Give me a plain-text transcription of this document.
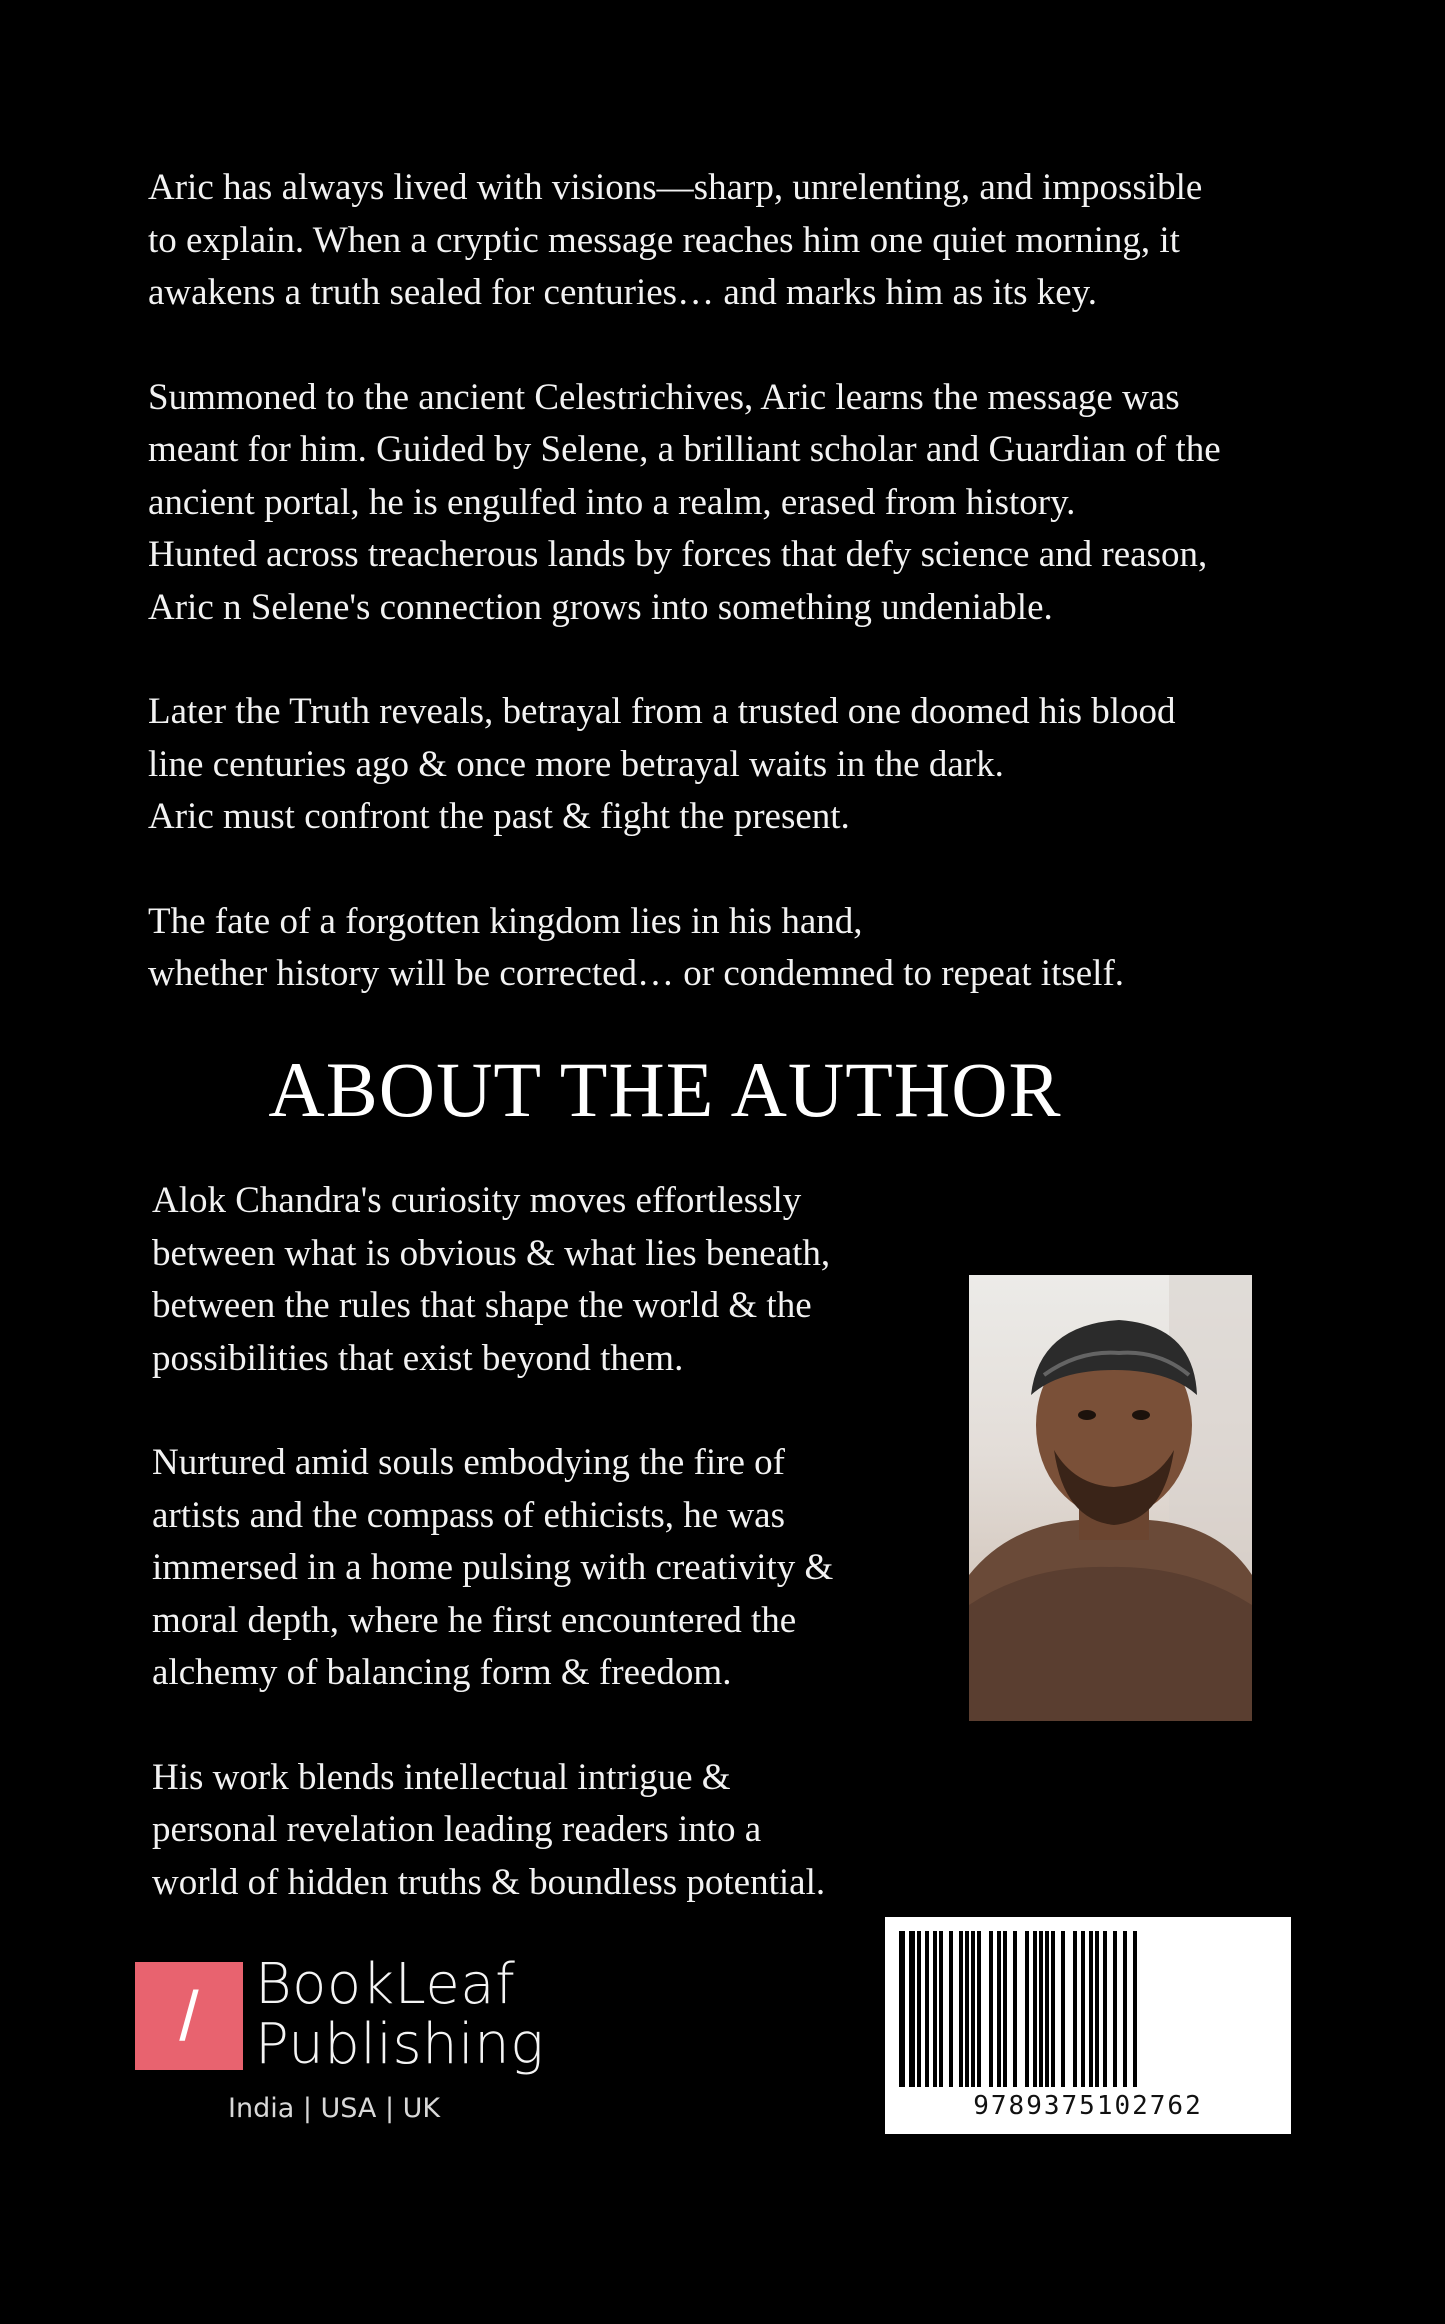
Aric has always lived with visions—sharp, unrelenting, and impossible
to explain. When a cryptic message reaches him one quiet morning, it
awakens a truth sealed for centuries… and marks him as its key.

Summoned to the ancient Celestrichives, Aric learns the message was
meant for him. Guided by Selene, a brilliant scholar and Guardian of the
ancient portal, he is engulfed into a realm, erased from history.
Hunted across treacherous lands by forces that defy science and reason,
Aric n Selene's connection grows into something undeniable.

Later the Truth reveals, betrayal from a trusted one doomed his blood
line centuries ago & once more betrayal waits in the dark.
Aric must confront the past & fight the present.

The fate of a forgotten kingdom lies in his hand,
whether history will be corrected… or condemned to repeat itself.

ABOUT THE AUTHOR

Alok Chandra's curiosity moves effortlessly
between what is obvious & what lies beneath,
between the rules that shape the world & the
possibilities that exist beyond them.

Nurtured amid souls embodying the fire of
artists and the compass of ethicists, he was
immersed in a home pulsing with creativity &
moral depth, where he first encountered the
alchemy of balancing form & freedom.

His work blends intellectual intrigue &
personal revelation leading readers into a
world of hidden truths & boundless potential.

/	BookLeaf
Publishing
India | USA | UK	9789375102762
